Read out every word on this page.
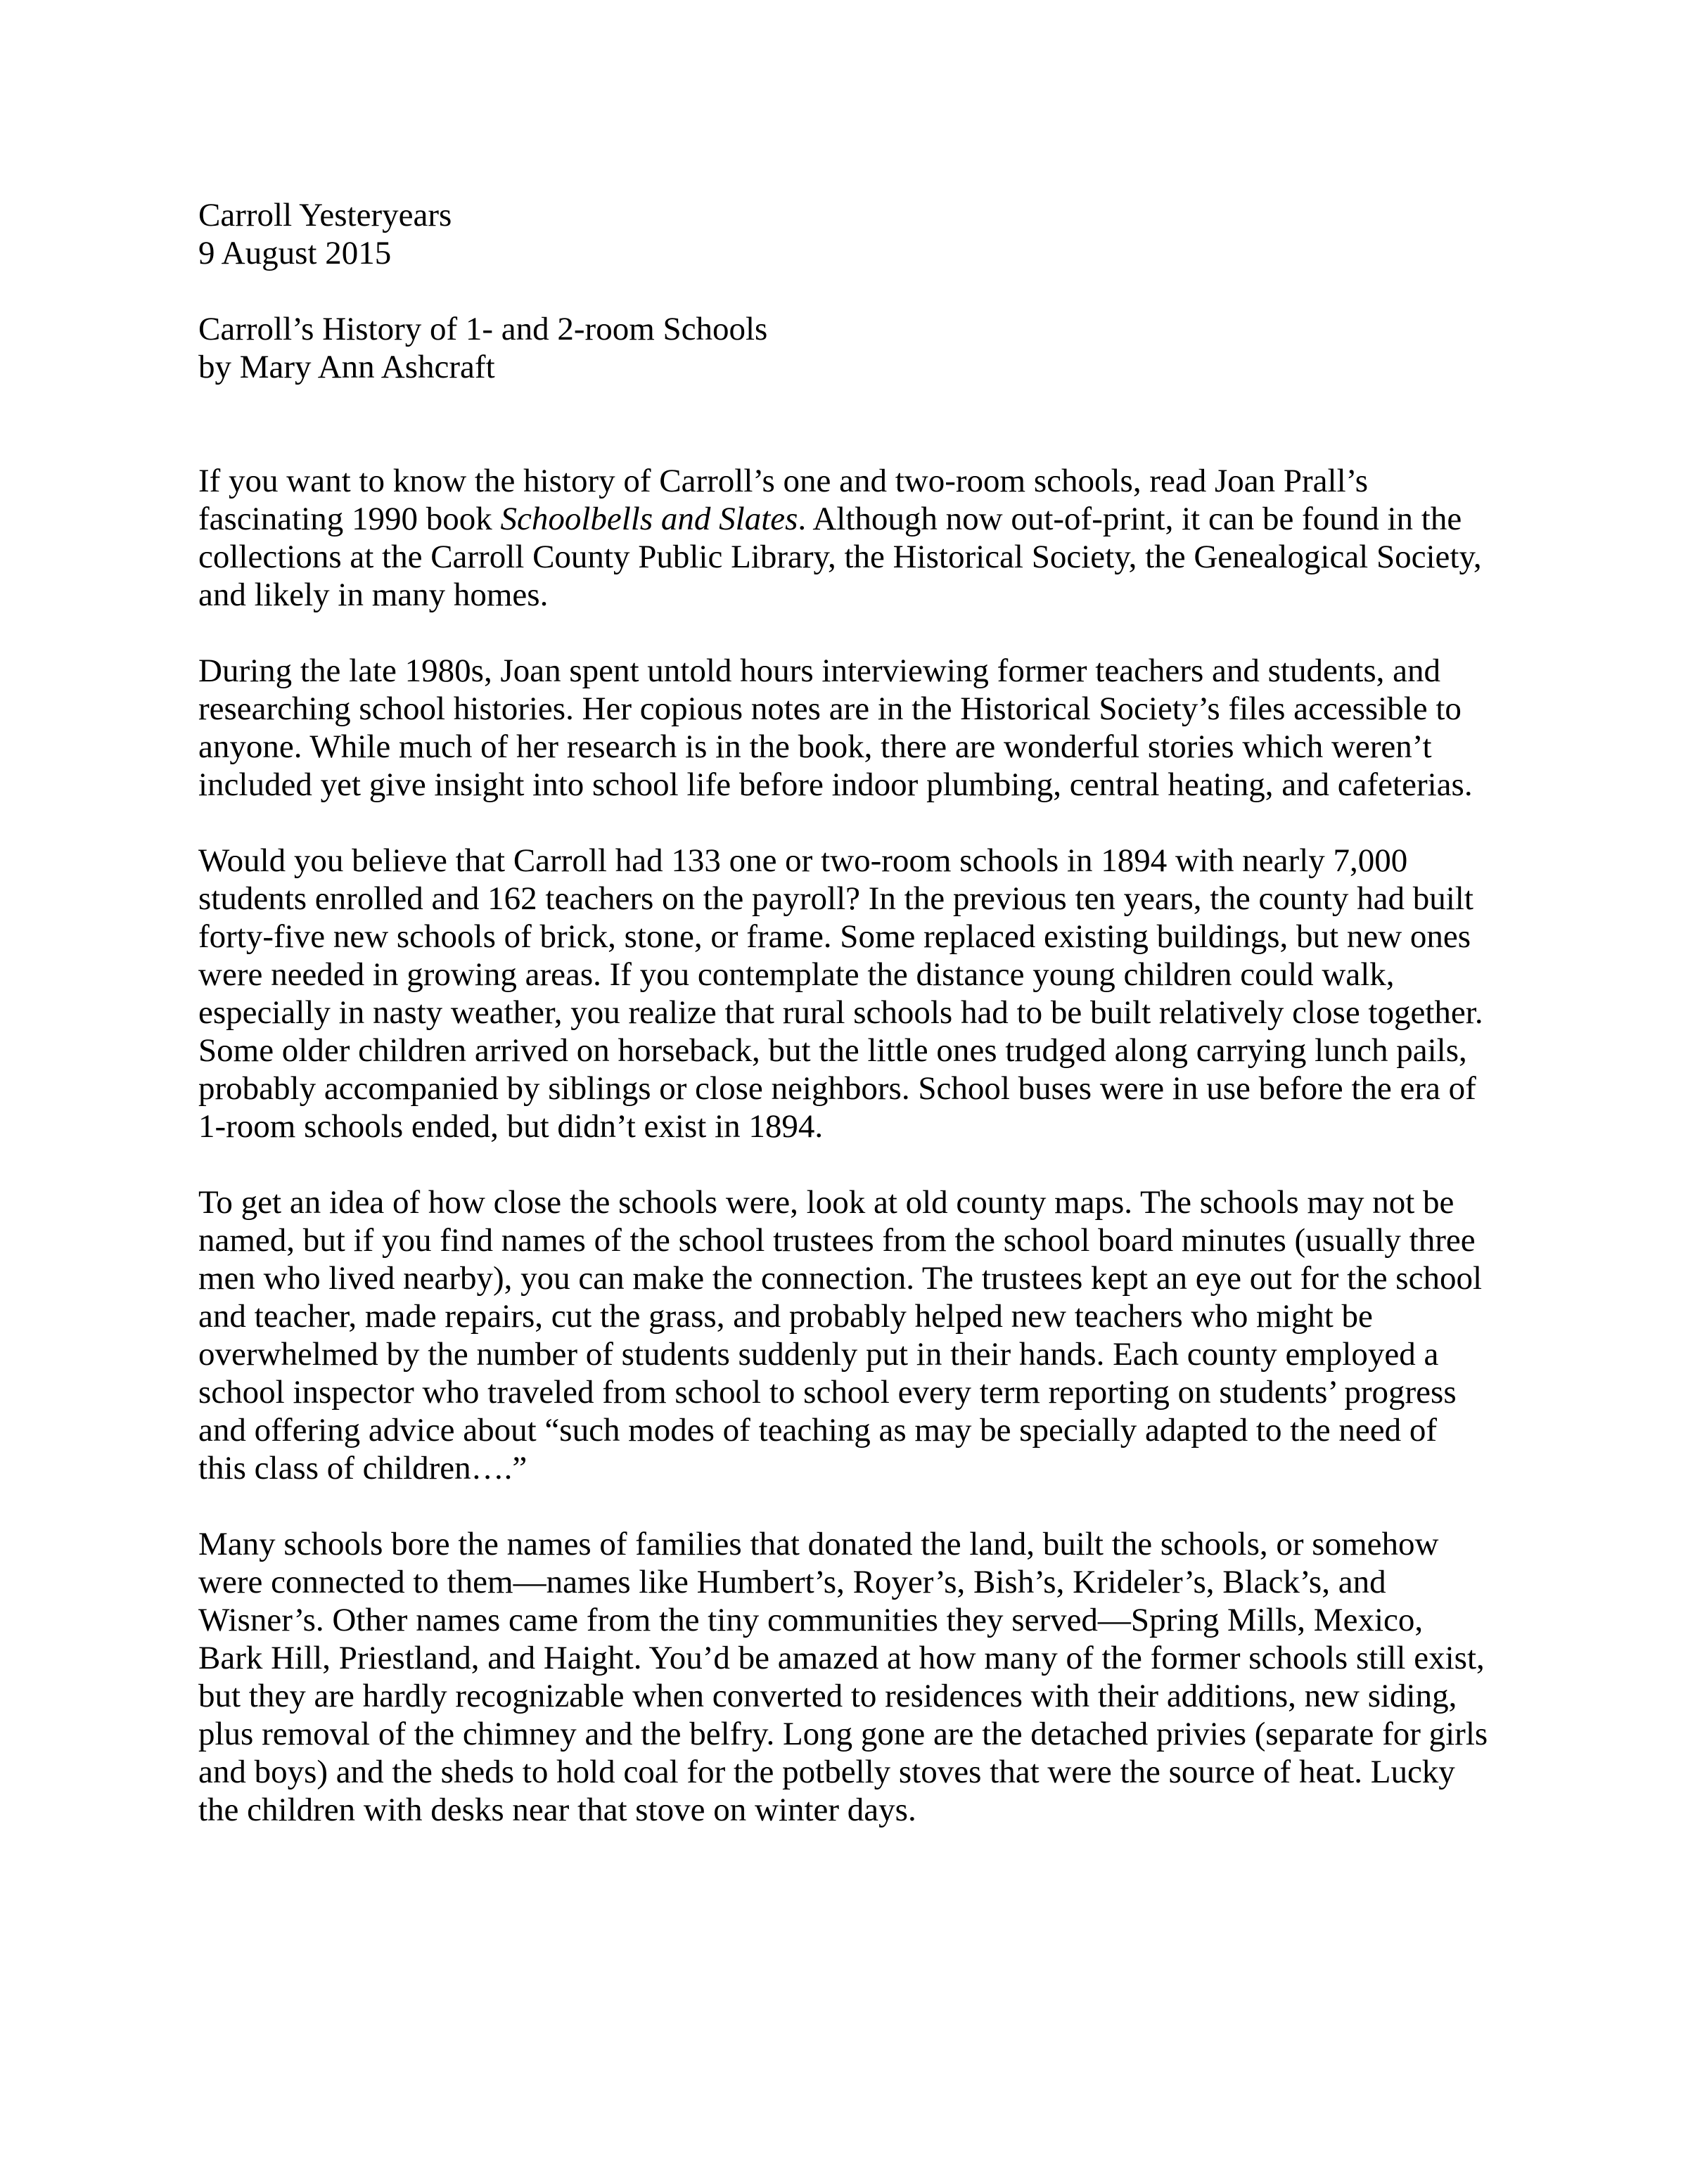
Carroll Yesteryears
9 August 2015
Carroll’s History of 1- and 2-room Schools
by Mary Ann Ashcraft

If you want to know the history of Carroll’s one and two-room schools, read Joan Prall’s fascinating 1990 book Schoolbells and Slates. Although now out-of-print, it can be found in the collections at the Carroll County Public Library, the Historical Society, the Genealogical Society, and likely in many homes.

During the late 1980s, Joan spent untold hours interviewing former teachers and students, and researching school histories. Her copious notes are in the Historical Society’s files accessible to anyone. While much of her research is in the book, there are wonderful stories which weren’t included yet give insight into school life before indoor plumbing, central heating, and cafeterias.

Would you believe that Carroll had 133 one or two-room schools in 1894 with nearly 7,000 students enrolled and 162 teachers on the payroll? In the previous ten years, the county had built forty-five new schools of brick, stone, or frame. Some replaced existing buildings, but new ones were needed in growing areas. If you contemplate the distance young children could walk, especially in nasty weather, you realize that rural schools had to be built relatively close together. Some older children arrived on horseback, but the little ones trudged along carrying lunch pails, probably accompanied by siblings or close neighbors. School buses were in use before the era of 1-room schools ended, but didn’t exist in 1894.

To get an idea of how close the schools were, look at old county maps. The schools may not be named, but if you find names of the school trustees from the school board minutes (usually three men who lived nearby), you can make the connection. The trustees kept an eye out for the school and teacher, made repairs, cut the grass, and probably helped new teachers who might be overwhelmed by the number of students suddenly put in their hands. Each county employed a school inspector who traveled from school to school every term reporting on students’ progress and offering advice about “such modes of teaching as may be specially adapted to the need of this class of children….”

Many schools bore the names of families that donated the land, built the schools, or somehow were connected to them—names like Humbert’s, Royer’s, Bish’s, Krideler’s, Black’s, and Wisner’s. Other names came from the tiny communities they served—Spring Mills, Mexico, Bark Hill, Priestland, and Haight. You’d be amazed at how many of the former schools still exist, but they are hardly recognizable when converted to residences with their additions, new siding, plus removal of the chimney and the belfry. Long gone are the detached privies (separate for girls and boys) and the sheds to hold coal for the potbelly stoves that were the source of heat. Lucky the children with desks near that stove on winter days.
